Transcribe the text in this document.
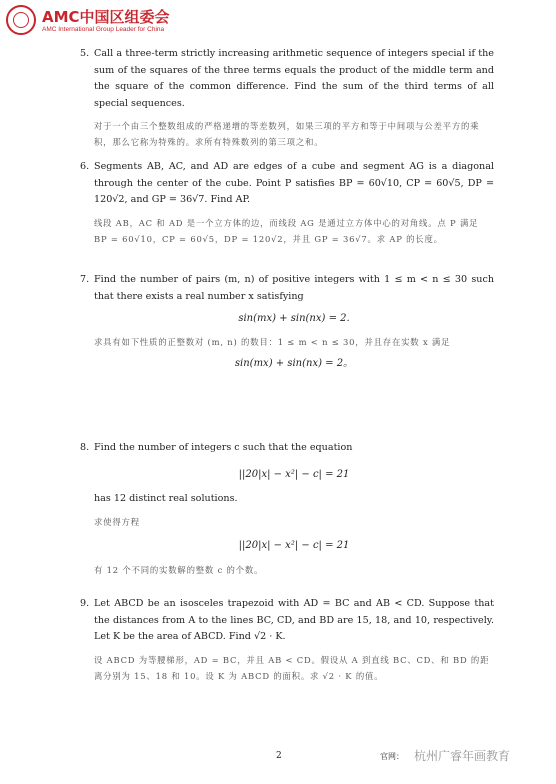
AMC中国区组委会
AMC International Group Leader for China
5. Call a three-term strictly increasing arithmetic sequence of integers special if the sum of the squares of the three terms equals the product of the middle term and the square of the common difference. Find the sum of the third terms of all special sequences.
对于一个由三个整数组成的严格递增的等差数列，如果三项的平方和等于中间项与公差平方的乘积，那么它称为特殊的。求所有特殊数列的第三项之和。
6. Segments AB, AC, and AD are edges of a cube and segment AG is a diagonal through the center of the cube. Point P satisfies BP = 60√10, CP = 60√5, DP = 120√2, and GP = 36√7. Find AP.
线段 AB，AC 和 AD 是一个立方体的边，而线段 AG 是通过立方体中心的对角线。点 P 满足 BP = 60√10，CP = 60√5，DP = 120√2，并且 GP = 36√7。求 AP 的长度。
7. Find the number of pairs (m, n) of positive integers with 1 ≤ m < n ≤ 30 such that there exists a real number x satisfying
sin(mx) + sin(nx) = 2.
求具有如下性质的正整数对 (m, n) 的数目：1 ≤ m < n ≤ 30，并且存在实数 x 满足
sin(mx) + sin(nx) = 2。
8. Find the number of integers c such that the equation
||20|x| − x²| − c| = 21
has 12 distinct real solutions.
求使得方程
||20|x| − x²| − c| = 21
有 12 个不同的实数解的整数 c 的个数。
9. Let ABCD be an isosceles trapezoid with AD = BC and AB < CD. Suppose that the distances from A to the lines BC, CD, and BD are 15, 18, and 10, respectively. Let K be the area of ABCD. Find √2 · K.
设 ABCD 为等腰梯形，AD = BC，并且 AB < CD。假设从 A 到直线 BC、CD、和 BD 的距离分别为 15、18 和 10。设 K 为 ABCD 的面积。求 √2 · K 的值。
2	官网： 杭州广睿年画教育
